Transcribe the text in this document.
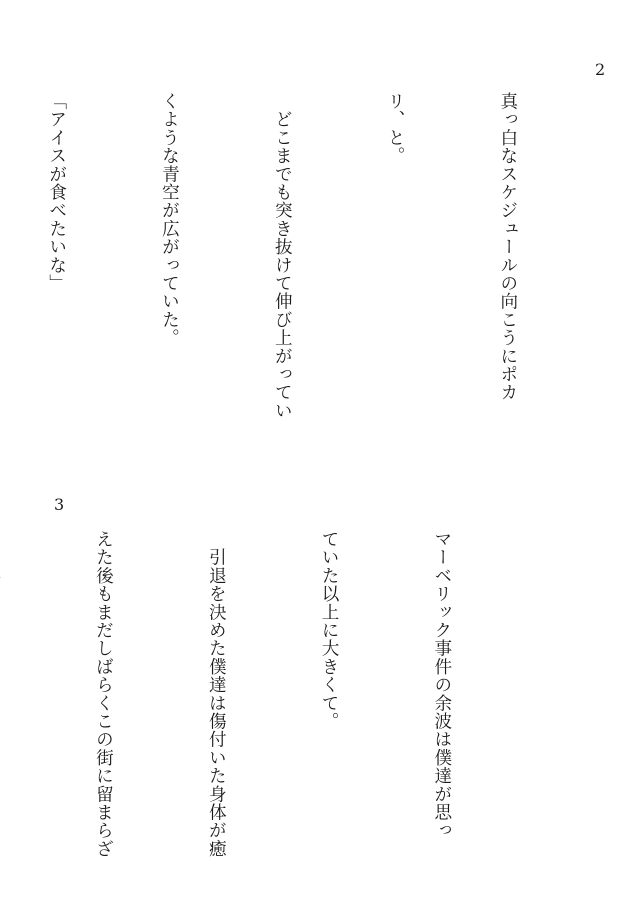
2

真っ白なスケジュールの向こうにポカ

リ、と。

　どこまでも突き抜けて伸び上がってい

くような青空が広がっていた。

「アイスが食べたいな」

3

マーベリック事件の余波は僕達が思っ

ていた以上に大きくて。

　引退を決めた僕達は傷付いた身体が癒

えた後もまだしばらくこの街に留まらざ
